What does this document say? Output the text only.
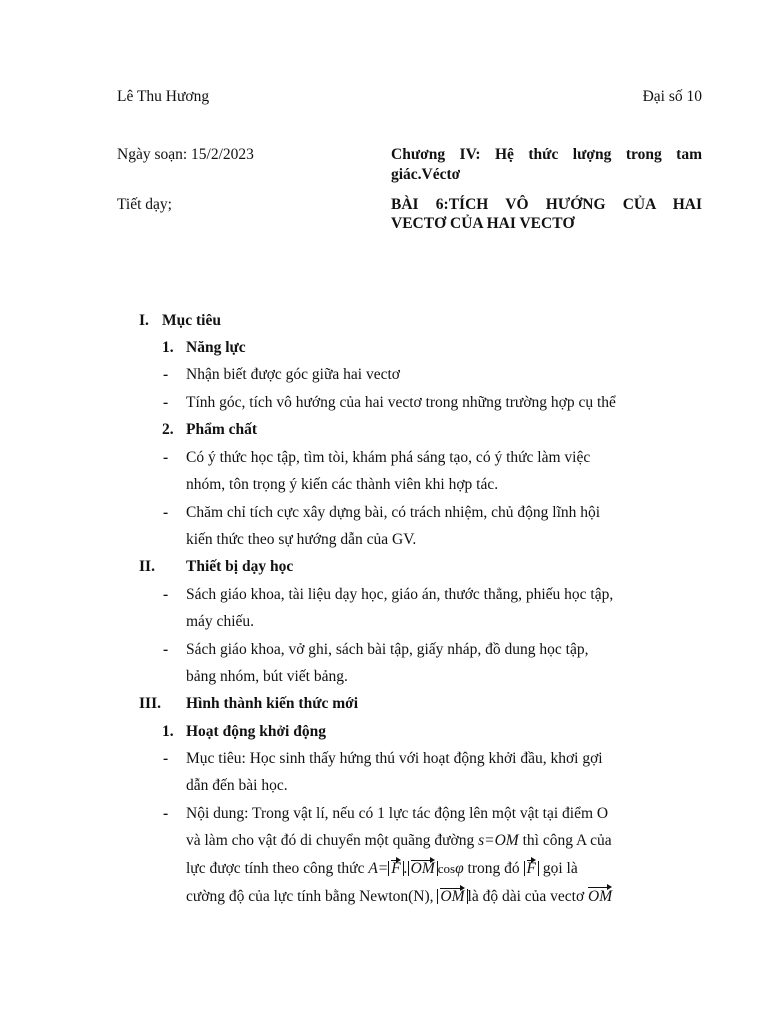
Lê Thu Hương	Đại số 10
Ngày soạn: 15/2/2023	Chương IV: Hệ thức lượng trong tam
giác.Véctơ
Tiết dạy;	BÀI 6:TÍCH VÔ HƯỚNG CỦA HAI
VECTƠ CỦA HAI VECTƠ
I. Mục tiêu
1. Năng lực
- Nhận biết được góc giữa hai vectơ
- Tính góc, tích vô hướng của hai vectơ trong những trường hợp cụ thể
2. Phẩm chất
- Có ý thức học tập, tìm tòi, khám phá sáng tạo, có ý thức làm việc
nhóm, tôn trọng ý kiến các thành viên khi hợp tác.
- Chăm chỉ tích cực xây dựng bài, có trách nhiệm, chủ động lĩnh hội
kiến thức theo sự hướng dẫn của GV.
II. Thiết bị dạy học
- Sách giáo khoa, tài liệu dạy học, giáo án, thước thẳng, phiếu học tập,
máy chiếu.
- Sách giáo khoa, vở ghi, sách bài tập, giấy nháp, đồ dung học tập,
bảng nhóm, bút viết bảng.
III. Hình thành kiến thức mới
1. Hoạt động khởi động
- Mục tiêu: Học sinh thấy hứng thú với hoạt động khởi đầu, khơi gợi
dẫn đến bài học.
- Nội dung: Trong vật lí, nếu có 1 lực tác động lên một vật tại điểm O
và làm cho vật đó di chuyển một quãng đường s=OM thì công A của
lực được tính theo công thức A= F . OM cosφ trong đó F gọi là
cường độ của lực tính bằng Newton(N), OM là độ dài của vectơ OM
